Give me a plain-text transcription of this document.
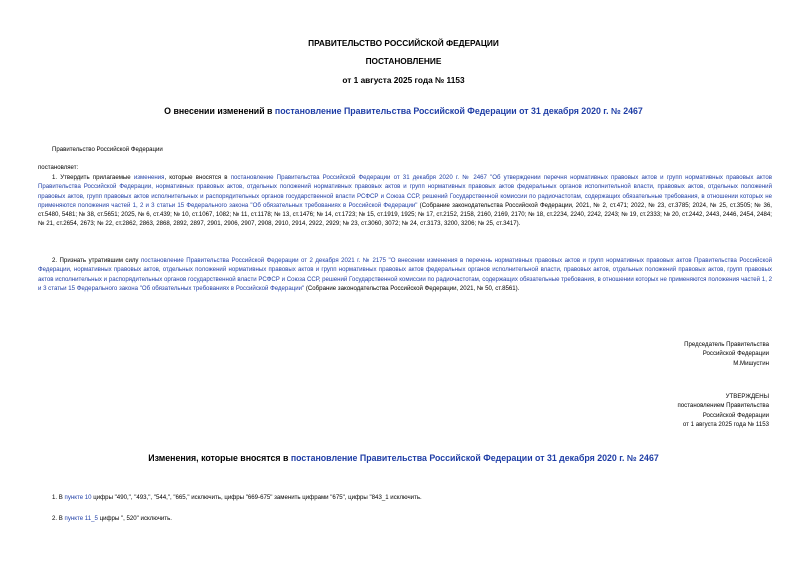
ПРАВИТЕЛЬСТВО РОССИЙСКОЙ ФЕДЕРАЦИИ
ПОСТАНОВЛЕНИЕ
от 1 августа 2025 года № 1153
О внесении изменений в постановление Правительства Российской Федерации от 31 декабря 2020 г. № 2467
Правительство Российской Федерации
постановляет:
1. Утвердить прилагаемые изменения, которые вносятся в постановление Правительства Российской Федерации от 31 декабря 2020 г. № 2467 "Об утверждении перечня нормативных правовых актов и групп нормативных правовых актов Правительства Российской Федерации, нормативных правовых актов, отдельных положений нормативных правовых актов и групп нормативных правовых актов федеральных органов исполнительной власти, правовых актов, отдельных положений правовых актов, групп правовых актов исполнительных и распорядительных органов государственной власти РСФСР и Союза ССР, решений Государственной комиссии по радиочастотам, содержащих обязательные требования, в отношении которых не применяются положения частей 1, 2 и 3 статьи 15 Федерального закона "Об обязательных требованиях в Российской Федерации" (Собрание законодательства Российской Федерации, 2021, № 2, ст.471; 2022, № 23, ст.3785; 2024, № 25, ст.3505; № 36, ст.5480, 5481; № 38, ст.5651; 2025, № 6, ст.439; № 10, ст.1067, 1082; № 11, ст.1178; № 13, ст.1476; № 14, ст.1723; № 15, ст.1919, 1925; № 17, ст.2152, 2158, 2160, 2169, 2170; № 18, ст.2234, 2240, 2242, 2243; № 19, ст.2333; № 20, ст.2442, 2443, 2446, 2454, 2484; № 21, ст.2654, 2673; № 22, ст.2862, 2863, 2868, 2892, 2897, 2901, 2906, 2907, 2908, 2910, 2914, 2922, 2929; № 23, ст.3060, 3072; № 24, ст.3173, 3200, 3206; № 25, ст.3417).
2. Признать утратившим силу постановление Правительства Российской Федерации от 2 декабря 2021 г. № 2175 "О внесении изменения в перечень нормативных правовых актов и групп нормативных правовых актов Правительства Российской Федерации, нормативных правовых актов, отдельных положений нормативных правовых актов и групп нормативных правовых актов федеральных органов исполнительной власти, правовых актов, отдельных положений правовых актов, групп правовых актов исполнительных и распорядительных органов государственной власти РСФСР и Союза ССР, решений Государственной комиссии по радиочастотам, содержащих обязательные требования, в отношении которых не применяются положения частей 1, 2 и 3 статьи 15 Федерального закона "Об обязательных требованиях в Российской Федерации" (Собрание законодательства Российской Федерации, 2021, № 50, ст.8561).
Председатель Правительства
Российской Федерации
М.Мишустин
УТВЕРЖДЕНЫ
постановлением Правительства
Российской Федерации
от 1 августа 2025 года № 1153
Изменения, которые вносятся в постановление Правительства Российской Федерации от 31 декабря 2020 г. № 2467
1. В пункте 10 цифры "490,", "493,", "544,", "665," исключить, цифры "669-675" заменить цифрами "675", цифры "843_1 исключить.
2. В пункте 11_5 цифры ", 520" исключить.
